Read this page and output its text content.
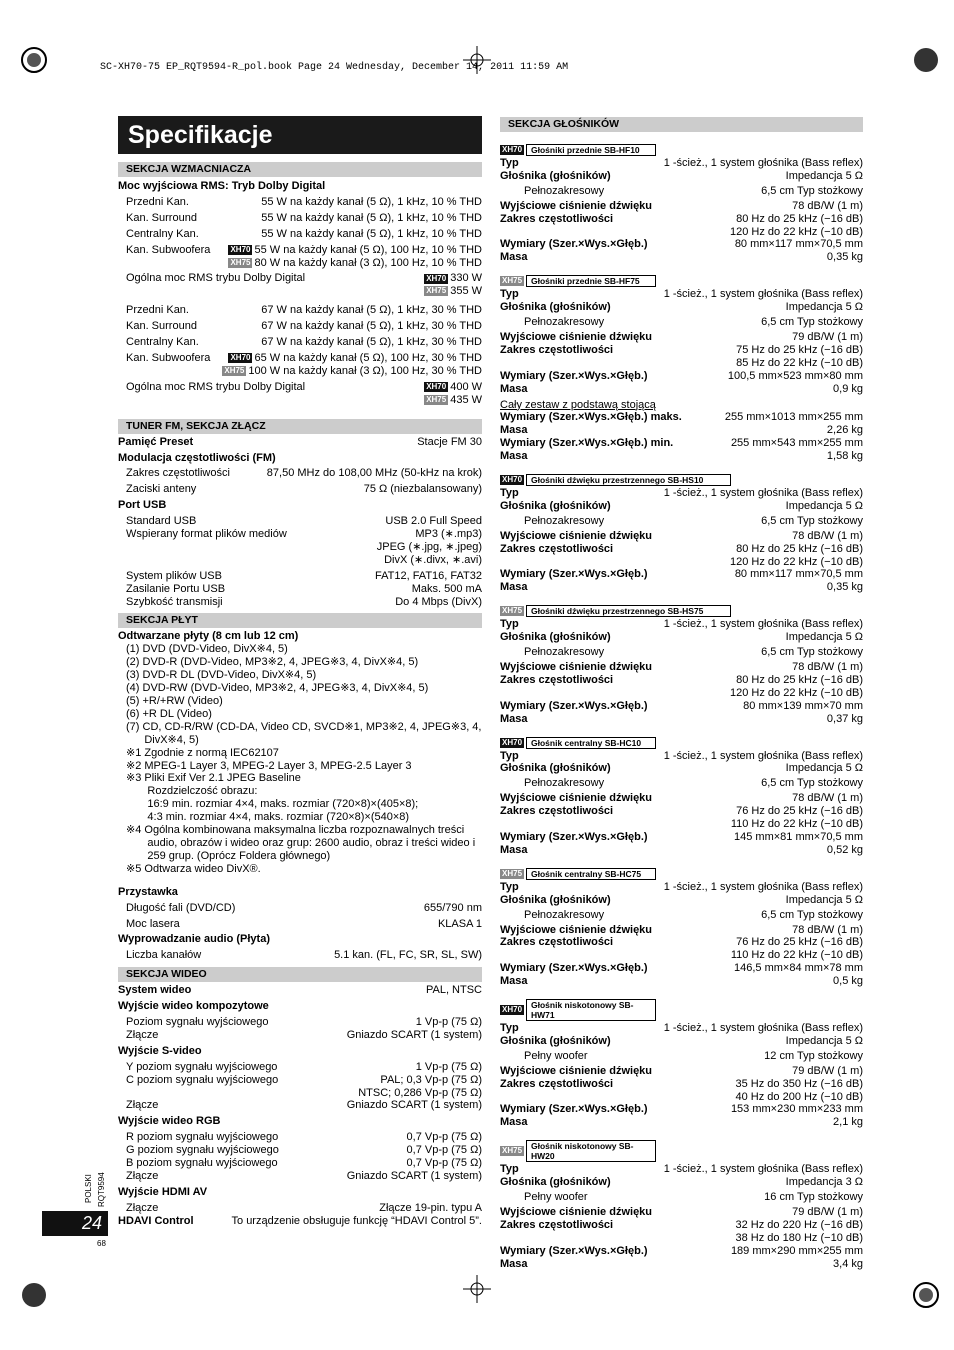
SC-XH70-75 EP_RQT9594-R_pol.book Page 24 Wednesday, December 14, 2011 11:59 AM
Specifikacje
SEKCJA WZMACNIACZA
Moc wyjściowa RMS: Tryb Dolby Digital
Przedni Kan.	55 W na każdy kanał (5 Ω), 1 kHz, 10 % THD
Kan. Surround	55 W na każdy kanał (5 Ω), 1 kHz, 10 % THD
Centralny Kan.	55 W na każdy kanał (5 Ω), 1 kHz, 10 % THD
Kan. Subwoofera	XH70 55 W na każdy kanał (5 Ω), 100 Hz, 10 % THD
XH75 80 W na każdy kanał (3 Ω), 100 Hz, 10 % THD
Ogólna moc RMS trybu Dolby Digital	XH70 330 W
XH75 355 W
Przedni Kan.	67 W na każdy kanał (5 Ω), 1 kHz, 30 % THD
Kan. Surround	67 W na każdy kanał (5 Ω), 1 kHz, 30 % THD
Centralny Kan.	67 W na każdy kanał (5 Ω), 1 kHz, 30 % THD
Kan. Subwoofera	XH70 65 W na każdy kanał (5 Ω), 100 Hz, 30 % THD
XH75 100 W na każdy kanał (3 Ω), 100 Hz, 30 % THD
Ogólna moc RMS trybu Dolby Digital	XH70 400 W
XH75 435 W
TUNER FM, SEKCJA ZŁĄCZ
Pamięć Preset	Stacje FM 30
Modulacja częstotliwości (FM)
Zakres częstotliwości	87,50 MHz do 108,00 MHz (50-kHz na krok)
Zaciski anteny	75 Ω (niezbalansowany)
Port USB
Standard USB	USB 2.0 Full Speed
Wspierany format plików mediów	MP3 (∗.mp3)
JPEG (∗.jpg, ∗.jpeg)
DivX (∗.divx, ∗.avi)
System plików USB	FAT12, FAT16, FAT32
Zasilanie Portu USB	Maks. 500 mA
Szybkość transmisji	Do 4 Mbps (DivX)
SEKCJA PŁYT
Odtwarzane płyty (8 cm lub 12 cm)
(1) DVD (DVD-Video, DivX※4, 5)
(2) DVD-R (DVD-Video, MP3※2, 4, JPEG※3, 4, DivX※4, 5)
(3) DVD-R DL (DVD-Video, DivX※4, 5)
(4) DVD-RW (DVD-Video, MP3※2, 4, JPEG※3, 4, DivX※4, 5)
(5) +R/+RW (Video)
(6) +R DL (Video)
(7) CD, CD-R/RW (CD-DA, Video CD, SVCD※1, MP3※2, 4, JPEG※3, 4,
DivX※4, 5)
※1 Zgodnie z normą IEC62107
※2 MPEG-1 Layer 3, MPEG-2 Layer 3, MPEG-2.5 Layer 3
※3 Pliki Exif Ver 2.1 JPEG Baseline
Rozdzielczość obrazu:
16:9 min. rozmiar 4×4, maks. rozmiar (720×8)×(405×8);
4:3 min. rozmiar 4×4, maks. rozmiar (720×8)×(540×8)
※4 Ogólna kombinowana maksymalna liczba rozpoznawalnych treści
audio, obrazów i wideo oraz grup: 2600 audio, obraz i treści wideo i
259 grup. (Oprócz Foldera głównego)
※5 Odtwarza wideo DivX®.
Przystawka
Długość fali (DVD/CD)	655/790 nm
Moc lasera	KLASA 1
Wyprowadzanie audio (Płyta)
Liczba kanałów	5.1 kan. (FL, FC, SR, SL, SW)
SEKCJA WIDEO
System wideo	PAL, NTSC
Wyjście wideo kompozytowe
Poziom sygnału wyjściowego	1 Vp-p (75 Ω)
Złącze	Gniazdo SCART (1 system)
Wyjście S-video
Y poziom sygnału wyjściowego	1 Vp-p (75 Ω)
C poziom sygnału wyjściowego	PAL; 0,3 Vp-p (75 Ω)
NTSC; 0,286 Vp-p (75 Ω)
Złącze	Gniazdo SCART (1 system)
Wyjście wideo RGB
R poziom sygnału wyjściowego	0,7 Vp-p (75 Ω)
G poziom sygnału wyjściowego	0,7 Vp-p (75 Ω)
B poziom sygnału wyjściowego	0,7 Vp-p (75 Ω)
Złącze	Gniazdo SCART (1 system)
Wyjście HDMI AV
Złącze	Złącze 19-pin. typu A
HDAVI Control	To urządzenie obsługuje funkcję “HDAVI Control 5”.
SEKCJA GŁOŚNIKÓW
XH70	Głośniki przednie SB-HF10
Typ	1 -ścież., 1 system głośnika (Bass reflex)
Głośnika (głośników)	Impedancja 5 Ω
Pełnozakresowy	6,5 cm Typ stożkowy
Wyjściowe ciśnienie dźwięku	78 dB/W (1 m)
Zakres częstotliwości	80 Hz do 25 kHz (−16 dB)
120 Hz do 22 kHz (−10 dB)
Wymiary (Szer.×Wys.×Głęb.)	80 mm×117 mm×70,5 mm
Masa	0,35 kg
XH75	Głośniki przednie SB-HF75
Typ	1 -ścież., 1 system głośnika (Bass reflex)
Głośnika (głośników)	Impedancja 5 Ω
Pełnozakresowy	6,5 cm Typ stożkowy
Wyjściowe ciśnienie dźwięku	79 dB/W (1 m)
Zakres częstotliwości	75 Hz do 25 kHz (−16 dB)
85 Hz do 22 kHz (−10 dB)
Wymiary (Szer.×Wys.×Głęb.)	100,5 mm×523 mm×80 mm
Masa	0,9 kg
Cały zestaw z podstawą stojącą
Wymiary (Szer.×Wys.×Głęb.) maks.	255 mm×1013 mm×255 mm
Masa	2,26 kg
Wymiary (Szer.×Wys.×Głęb.) min.	255 mm×543 mm×255 mm
Masa	1,58 kg
XH70	Głośniki dźwięku przestrzennego SB-HS10
Typ	1 -ścież., 1 system głośnika (Bass reflex)
Głośnika (głośników)	Impedancja 5 Ω
Pełnozakresowy	6,5 cm Typ stożkowy
Wyjściowe ciśnienie dźwięku	78 dB/W (1 m)
Zakres częstotliwości	80 Hz do 25 kHz (−16 dB)
120 Hz do 22 kHz (−10 dB)
Wymiary (Szer.×Wys.×Głęb.)	80 mm×117 mm×70,5 mm
Masa	0,35 kg
XH75	Głośniki dźwięku przestrzennego SB-HS75
Typ	1 -ścież., 1 system głośnika (Bass reflex)
Głośnika (głośników)	Impedancja 5 Ω
Pełnozakresowy	6,5 cm Typ stożkowy
Wyjściowe ciśnienie dźwięku	78 dB/W (1 m)
Zakres częstotliwości	80 Hz do 25 kHz (−16 dB)
120 Hz do 22 kHz (−10 dB)
Wymiary (Szer.×Wys.×Głęb.)	80 mm×139 mm×70 mm
Masa	0,37 kg
XH70	Głośnik centralny SB-HC10
Typ	1 -ścież., 1 system głośnika (Bass reflex)
Głośnika (głośników)	Impedancja 5 Ω
Pełnozakresowy	6,5 cm Typ stożkowy
Wyjściowe ciśnienie dźwięku	78 dB/W (1 m)
Zakres częstotliwości	76 Hz do 25 kHz (−16 dB)
110 Hz do 22 kHz (−10 dB)
Wymiary (Szer.×Wys.×Głęb.)	145 mm×81 mm×70,5 mm
Masa	0,52 kg
XH75	Głośnik centralny SB-HC75
Typ	1 -ścież., 1 system głośnika (Bass reflex)
Głośnika (głośników)	Impedancja 5 Ω
Pełnozakresowy	6,5 cm Typ stożkowy
Wyjściowe ciśnienie dźwięku	78 dB/W (1 m)
Zakres częstotliwości	76 Hz do 25 kHz (−16 dB)
110 Hz do 22 kHz (−10 dB)
Wymiary (Szer.×Wys.×Głęb.)	146,5 mm×84 mm×78 mm
Masa	0,5 kg
XH70	Głośnik niskotonowy SB-HW71
Typ	1 -ścież., 1 system głośnika (Bass reflex)
Głośnika (głośników)	Impedancja 5 Ω
Pełny woofer	12 cm Typ stożkowy
Wyjściowe ciśnienie dźwięku	79 dB/W (1 m)
Zakres częstotliwości	35 Hz do 350 Hz (−16 dB)
40 Hz do 200 Hz (−10 dB)
Wymiary (Szer.×Wys.×Głęb.)	153 mm×230 mm×233 mm
Masa	2,1 kg
XH75	Głośnik niskotonowy SB-HW20
Typ	1 -ścież., 1 system głośnika (Bass reflex)
Głośnika (głośników)	Impedancja 3 Ω
Pełny woofer	16 cm Typ stożkowy
Wyjściowe ciśnienie dźwięku	79 dB/W (1 m)
Zakres częstotliwości	32 Hz do 220 Hz (−16 dB)
38 Hz do 180 Hz (−10 dB)
Wymiary (Szer.×Wys.×Głęb.)	189 mm×290 mm×255 mm
Masa	3,4 kg
POLSKI RQT9594
24
68
